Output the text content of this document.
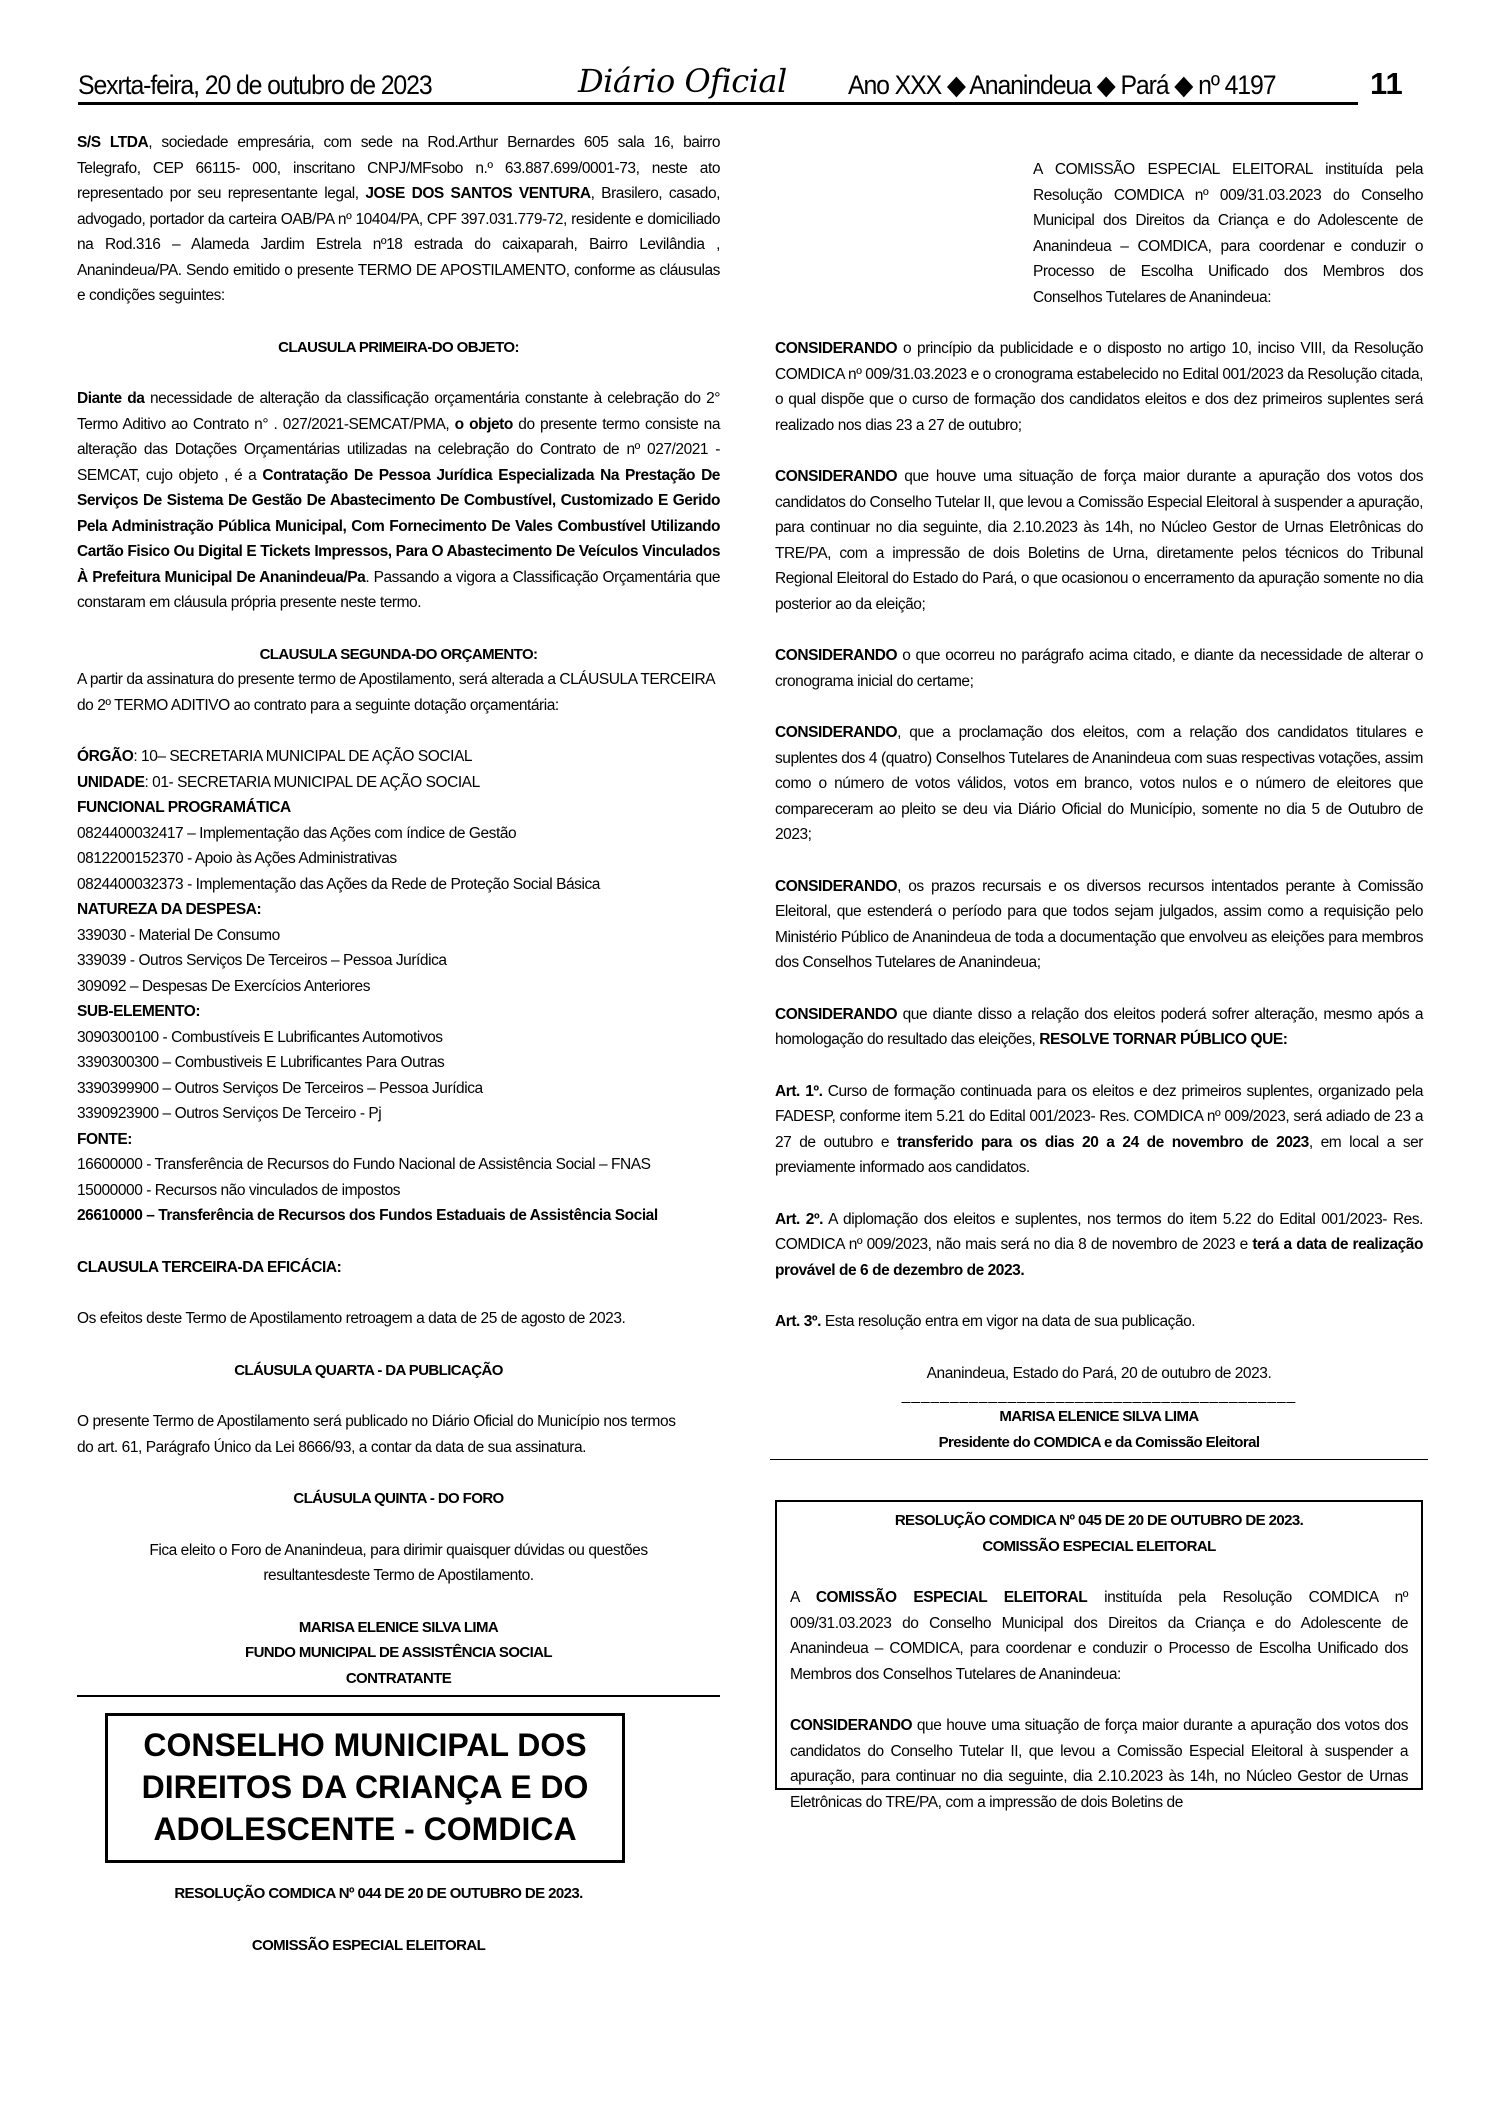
Sexrta-feira, 20 de outubro de 2023	Diário Oficial Ano XXX ◆ Ananindeua ◆ Pará ◆ nº 4197	11

S/S LTDA, sociedade empresária, com sede na Rod.Arthur Bernardes 605 sala 16, bairro Telegrafo, CEP 66115- 000, inscritano CNPJ/MFsobo n.º 63.887.699/0001-73, neste ato representado por seu representante legal, JOSE DOS SANTOS VENTURA, Brasilero, casado, advogado, portador da carteira OAB/PA nº 10404/PA, CPF 397.031.779-72, residente e domiciliado na Rod.316 – Alameda Jardim Estrela nº18 estrada do caixaparah, Bairro Levilândia , Ananindeua/PA. Sendo emitido o presente TERMO DE APOSTILAMENTO, conforme as cláusulas e condições seguintes:

CLAUSULA PRIMEIRA-DO OBJETO:

Diante da necessidade de alteração da classificação orçamentária constante à celebração do 2° Termo Aditivo ao Contrato n° . 027/2021-SEMCAT/PMA, o objeto do presente termo consiste na alteração das Dotações Orçamentárias utilizadas na celebração do Contrato de nº 027/2021 - SEMCAT, cujo objeto , é a Contratação De Pessoa Jurídica Especializada Na Prestação De Serviços De Sistema De Gestão De Abastecimento De Combustível, Customizado E Gerido Pela Administração Pública Municipal, Com Fornecimento De Vales Combustível Utilizando Cartão Fisico Ou Digital E Tickets Impressos, Para O Abastecimento De Veículos Vinculados À Prefeitura Municipal De Ananindeua/Pa. Passando a vigora a Classificação Orçamentária que constaram em cláusula própria presente neste termo.

CLAUSULA SEGUNDA-DO ORÇAMENTO:

A partir da assinatura do presente termo de Apostilamento, será alterada a CLÁUSULA TERCEIRA do 2º TERMO ADITIVO ao contrato para a seguinte dotação orçamentária:

ÓRGÃO: 10– SECRETARIA MUNICIPAL DE AÇÃO SOCIAL

UNIDADE: 01- SECRETARIA MUNICIPAL DE AÇÃO SOCIAL

FUNCIONAL PROGRAMÁTICA

0824400032417 – Implementação das Ações com índice de Gestão

0812200152370 - Apoio às Ações Administrativas

0824400032373 - Implementação das Ações da Rede de Proteção Social Básica

NATUREZA DA DESPESA:

339030 - Material De Consumo

339039 - Outros Serviços De Terceiros – Pessoa Jurídica

309092 – Despesas De Exercícios Anteriores

SUB-ELEMENTO:

3090300100 - Combustíveis E Lubrificantes Automotivos

3390300300 – Combustiveis E Lubrificantes Para Outras

3390399900 – Outros Serviços De Terceiros – Pessoa Jurídica

3390923900 – Outros Serviços De Terceiro - Pj

FONTE:

16600000 - Transferência de Recursos do Fundo Nacional de Assistência Social – FNAS

15000000 - Recursos não vinculados de impostos

26610000 – Transferência de Recursos dos Fundos Estaduais de Assistência Social

CLAUSULA TERCEIRA-DA EFICÁCIA:

Os efeitos deste Termo de Apostilamento retroagem a data de 25 de agosto de 2023.

CLÁUSULA QUARTA - DA PUBLICAÇÃO

O presente Termo de Apostilamento será publicado no Diário Oficial do Município nos termos do art. 61, Parágrafo Único da Lei 8666/93, a contar da data de sua assinatura.

CLÁUSULA QUINTA - DO FORO

Fica eleito o Foro de Ananindeua, para dirimir quaisquer dúvidas ou questões resultantesdeste Termo de Apostilamento.

MARISA ELENICE SILVA LIMA

FUNDO MUNICIPAL DE ASSISTÊNCIA SOCIAL

CONTRATANTE

CONSELHO MUNICIPAL DOS
DIREITOS DA CRIANÇA E DO
ADOLESCENTE - COMDICA

RESOLUÇÃO COMDICA Nº 044 DE 20 DE OUTUBRO DE 2023.

COMISSÃO ESPECIAL ELEITORAL

A COMISSÃO ESPECIAL ELEITORAL instituída pela Resolução COMDICA nº 009/31.03.2023 do Conselho Municipal dos Direitos da Criança e do Adolescente de Ananindeua – COMDICA, para coordenar e conduzir o Processo de Escolha Unificado dos Membros dos Conselhos Tutelares de Ananindeua:

CONSIDERANDO o princípio da publicidade e o disposto no artigo 10, inciso VIII, da Resolução COMDICA nº 009/31.03.2023 e o cronograma estabelecido no Edital 001/2023 da Resolução citada, o qual dispõe que o curso de formação dos candidatos eleitos e dos dez primeiros suplentes será realizado nos dias 23 a 27 de outubro;

CONSIDERANDO que houve uma situação de força maior durante a apuração dos votos dos candidatos do Conselho Tutelar II, que levou a Comissão Especial Eleitoral à suspender a apuração, para continuar no dia seguinte, dia 2.10.2023 às 14h, no Núcleo Gestor de Urnas Eletrônicas do TRE/PA, com a impressão de dois Boletins de Urna, diretamente pelos técnicos do Tribunal Regional Eleitoral do Estado do Pará, o que ocasionou o encerramento da apuração somente no dia posterior ao da eleição;

CONSIDERANDO o que ocorreu no parágrafo acima citado, e diante da necessidade de alterar o cronograma inicial do certame;

CONSIDERANDO, que a proclamação dos eleitos, com a relação dos candidatos titulares e suplentes dos 4 (quatro) Conselhos Tutelares de Ananindeua com suas respectivas votações, assim como o número de votos válidos, votos em branco, votos nulos e o número de eleitores que compareceram ao pleito se deu via Diário Oficial do Município, somente no dia 5 de Outubro de 2023;

CONSIDERANDO, os prazos recursais e os diversos recursos intentados perante à Comissão Eleitoral, que estenderá o período para que todos sejam julgados, assim como a requisição pelo Ministério Público de Ananindeua de toda a documentação que envolveu as eleições para membros dos Conselhos Tutelares de Ananindeua;

CONSIDERANDO que diante disso a relação dos eleitos poderá sofrer alteração, mesmo após a homologação do resultado das eleições, RESOLVE TORNAR PÚBLICO QUE:

Art. 1º. Curso de formação continuada para os eleitos e dez primeiros suplentes, organizado pela FADESP, conforme item 5.21 do Edital 001/2023- Res. COMDICA nº 009/2023, será adiado de 23 a 27 de outubro e transferido para os dias 20 a 24 de novembro de 2023, em local a ser previamente informado aos candidatos.

Art. 2º. A diplomação dos eleitos e suplentes, nos termos do item 5.22 do Edital 001/2023- Res. COMDICA nº 009/2023, não mais será no dia 8 de novembro de 2023 e terá a data de realização provável de 6 de dezembro de 2023.

Art. 3º. Esta resolução entra em vigor na data de sua publicação.

Ananindeua, Estado do Pará, 20 de outubro de 2023.

_________________________________________

MARISA ELENICE SILVA LIMA

Presidente do COMDICA e da Comissão Eleitoral

RESOLUÇÃO COMDICA Nº 045 DE 20 DE OUTUBRO DE 2023.

COMISSÃO ESPECIAL ELEITORAL

A COMISSÃO ESPECIAL ELEITORAL instituída pela Resolução COMDICA nº 009/31.03.2023 do Conselho Municipal dos Direitos da Criança e do Adolescente de Ananindeua – COMDICA, para coordenar e conduzir o Processo de Escolha Unificado dos Membros dos Conselhos Tutelares de Ananindeua:

CONSIDERANDO que houve uma situação de força maior durante a apuração dos votos dos candidatos do Conselho Tutelar II, que levou a Comissão Especial Eleitoral à suspender a apuração, para continuar no dia seguinte, dia 2.10.2023 às 14h, no Núcleo Gestor de Urnas Eletrônicas do TRE/PA, com a impressão de dois Boletins de
